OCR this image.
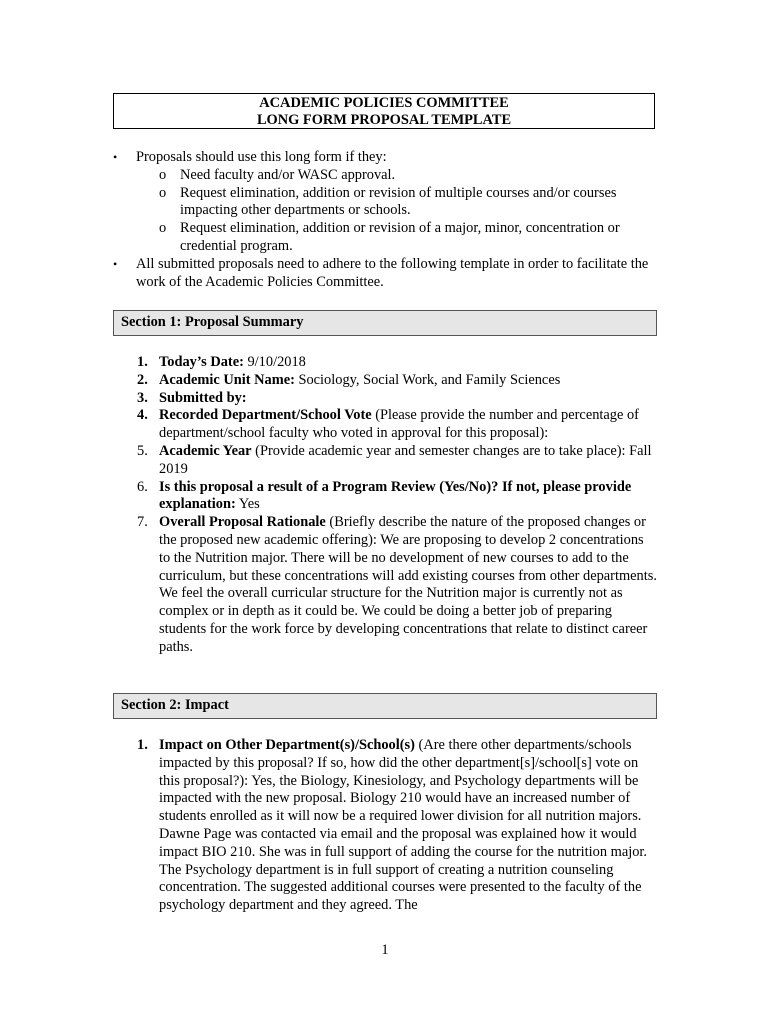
ACADEMIC POLICIES COMMITTEE
LONG FORM PROPOSAL TEMPLATE
• Proposals should use this long form if they:
o Need faculty and/or WASC approval.
o Request elimination, addition or revision of multiple courses and/or courses impacting other departments or schools.
o Request elimination, addition or revision of a major, minor, concentration or credential program.
• All submitted proposals need to adhere to the following template in order to facilitate the work of the Academic Policies Committee.
Section 1: Proposal Summary
1. Today’s Date: 9/10/2018
2. Academic Unit Name: Sociology, Social Work, and Family Sciences
3. Submitted by:
4. Recorded Department/School Vote (Please provide the number and percentage of department/school faculty who voted in approval for this proposal):
5. Academic Year (Provide academic year and semester changes are to take place): Fall 2019
6. Is this proposal a result of a Program Review (Yes/No)? If not, please provide explanation: Yes
7. Overall Proposal Rationale (Briefly describe the nature of the proposed changes or the proposed new academic offering): We are proposing to develop 2 concentrations to the Nutrition major. There will be no development of new courses to add to the curriculum, but these concentrations will add existing courses from other departments. We feel the overall curricular structure for the Nutrition major is currently not as complex or in depth as it could be. We could be doing a better job of preparing students for the work force by developing concentrations that relate to distinct career paths.
Section 2: Impact
1. Impact on Other Department(s)/School(s) (Are there other departments/schools impacted by this proposal? If so, how did the other department[s]/school[s] vote on this proposal?): Yes, the Biology, Kinesiology, and Psychology departments will be impacted with the new proposal. Biology 210 would have an increased number of students enrolled as it will now be a required lower division for all nutrition majors. Dawne Page was contacted via email and the proposal was explained how it would impact BIO 210. She was in full support of adding the course for the nutrition major. The Psychology department is in full support of creating a nutrition counseling concentration. The suggested additional courses were presented to the faculty of the psychology department and they agreed. The
1
